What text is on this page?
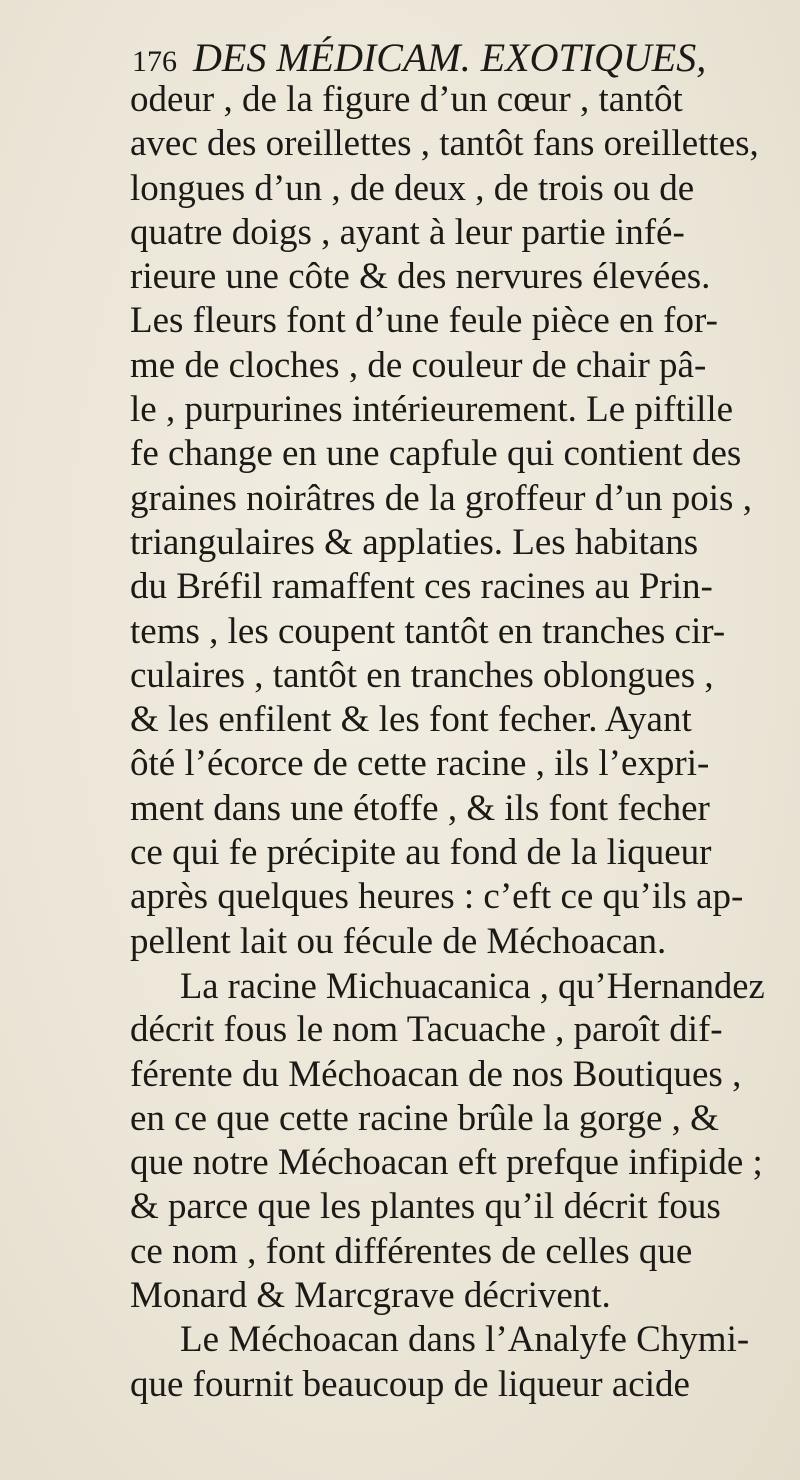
176 DES MÉDICAM. EXOTIQUES,
odeur , de la figure d’un cœur , tantôt
avec des oreillettes , tantôt fans oreillettes,
longues d’un , de deux , de trois ou de
quatre doigs , ayant à leur partie infé-
rieure une côte & des nervures élevées.
Les fleurs font d’une feule pièce en for-
me de cloches , de couleur de chair pâ-
le , purpurines intérieurement. Le piftille
fe change en une capfule qui contient des
graines noirâtres de la groffeur d’un pois ,
triangulaires & applaties. Les habitans
du Bréfil ramaffent ces racines au Prin-
tems , les coupent tantôt en tranches cir-
culaires , tantôt en tranches oblongues ,
& les enfilent & les font fecher. Ayant
ôté l’écorce de cette racine , ils l’expri-
ment dans une étoffe , & ils font fecher
ce qui fe précipite au fond de la liqueur
après quelques heures : c’eft ce qu’ils ap-
pellent lait ou fécule de Méchoacan.
La racine Michuacanica , qu’Hernandez
décrit fous le nom Tacuache , paroît dif-
férente du Méchoacan de nos Boutiques ,
en ce que cette racine brûle la gorge , &
que notre Méchoacan eft prefque infipide ;
& parce que les plantes qu’il décrit fous
ce nom , font différentes de celles que
Monard & Marcgrave décrivent.
Le Méchoacan dans l’Analyfe Chymi-
que fournit beaucoup de liqueur acide
